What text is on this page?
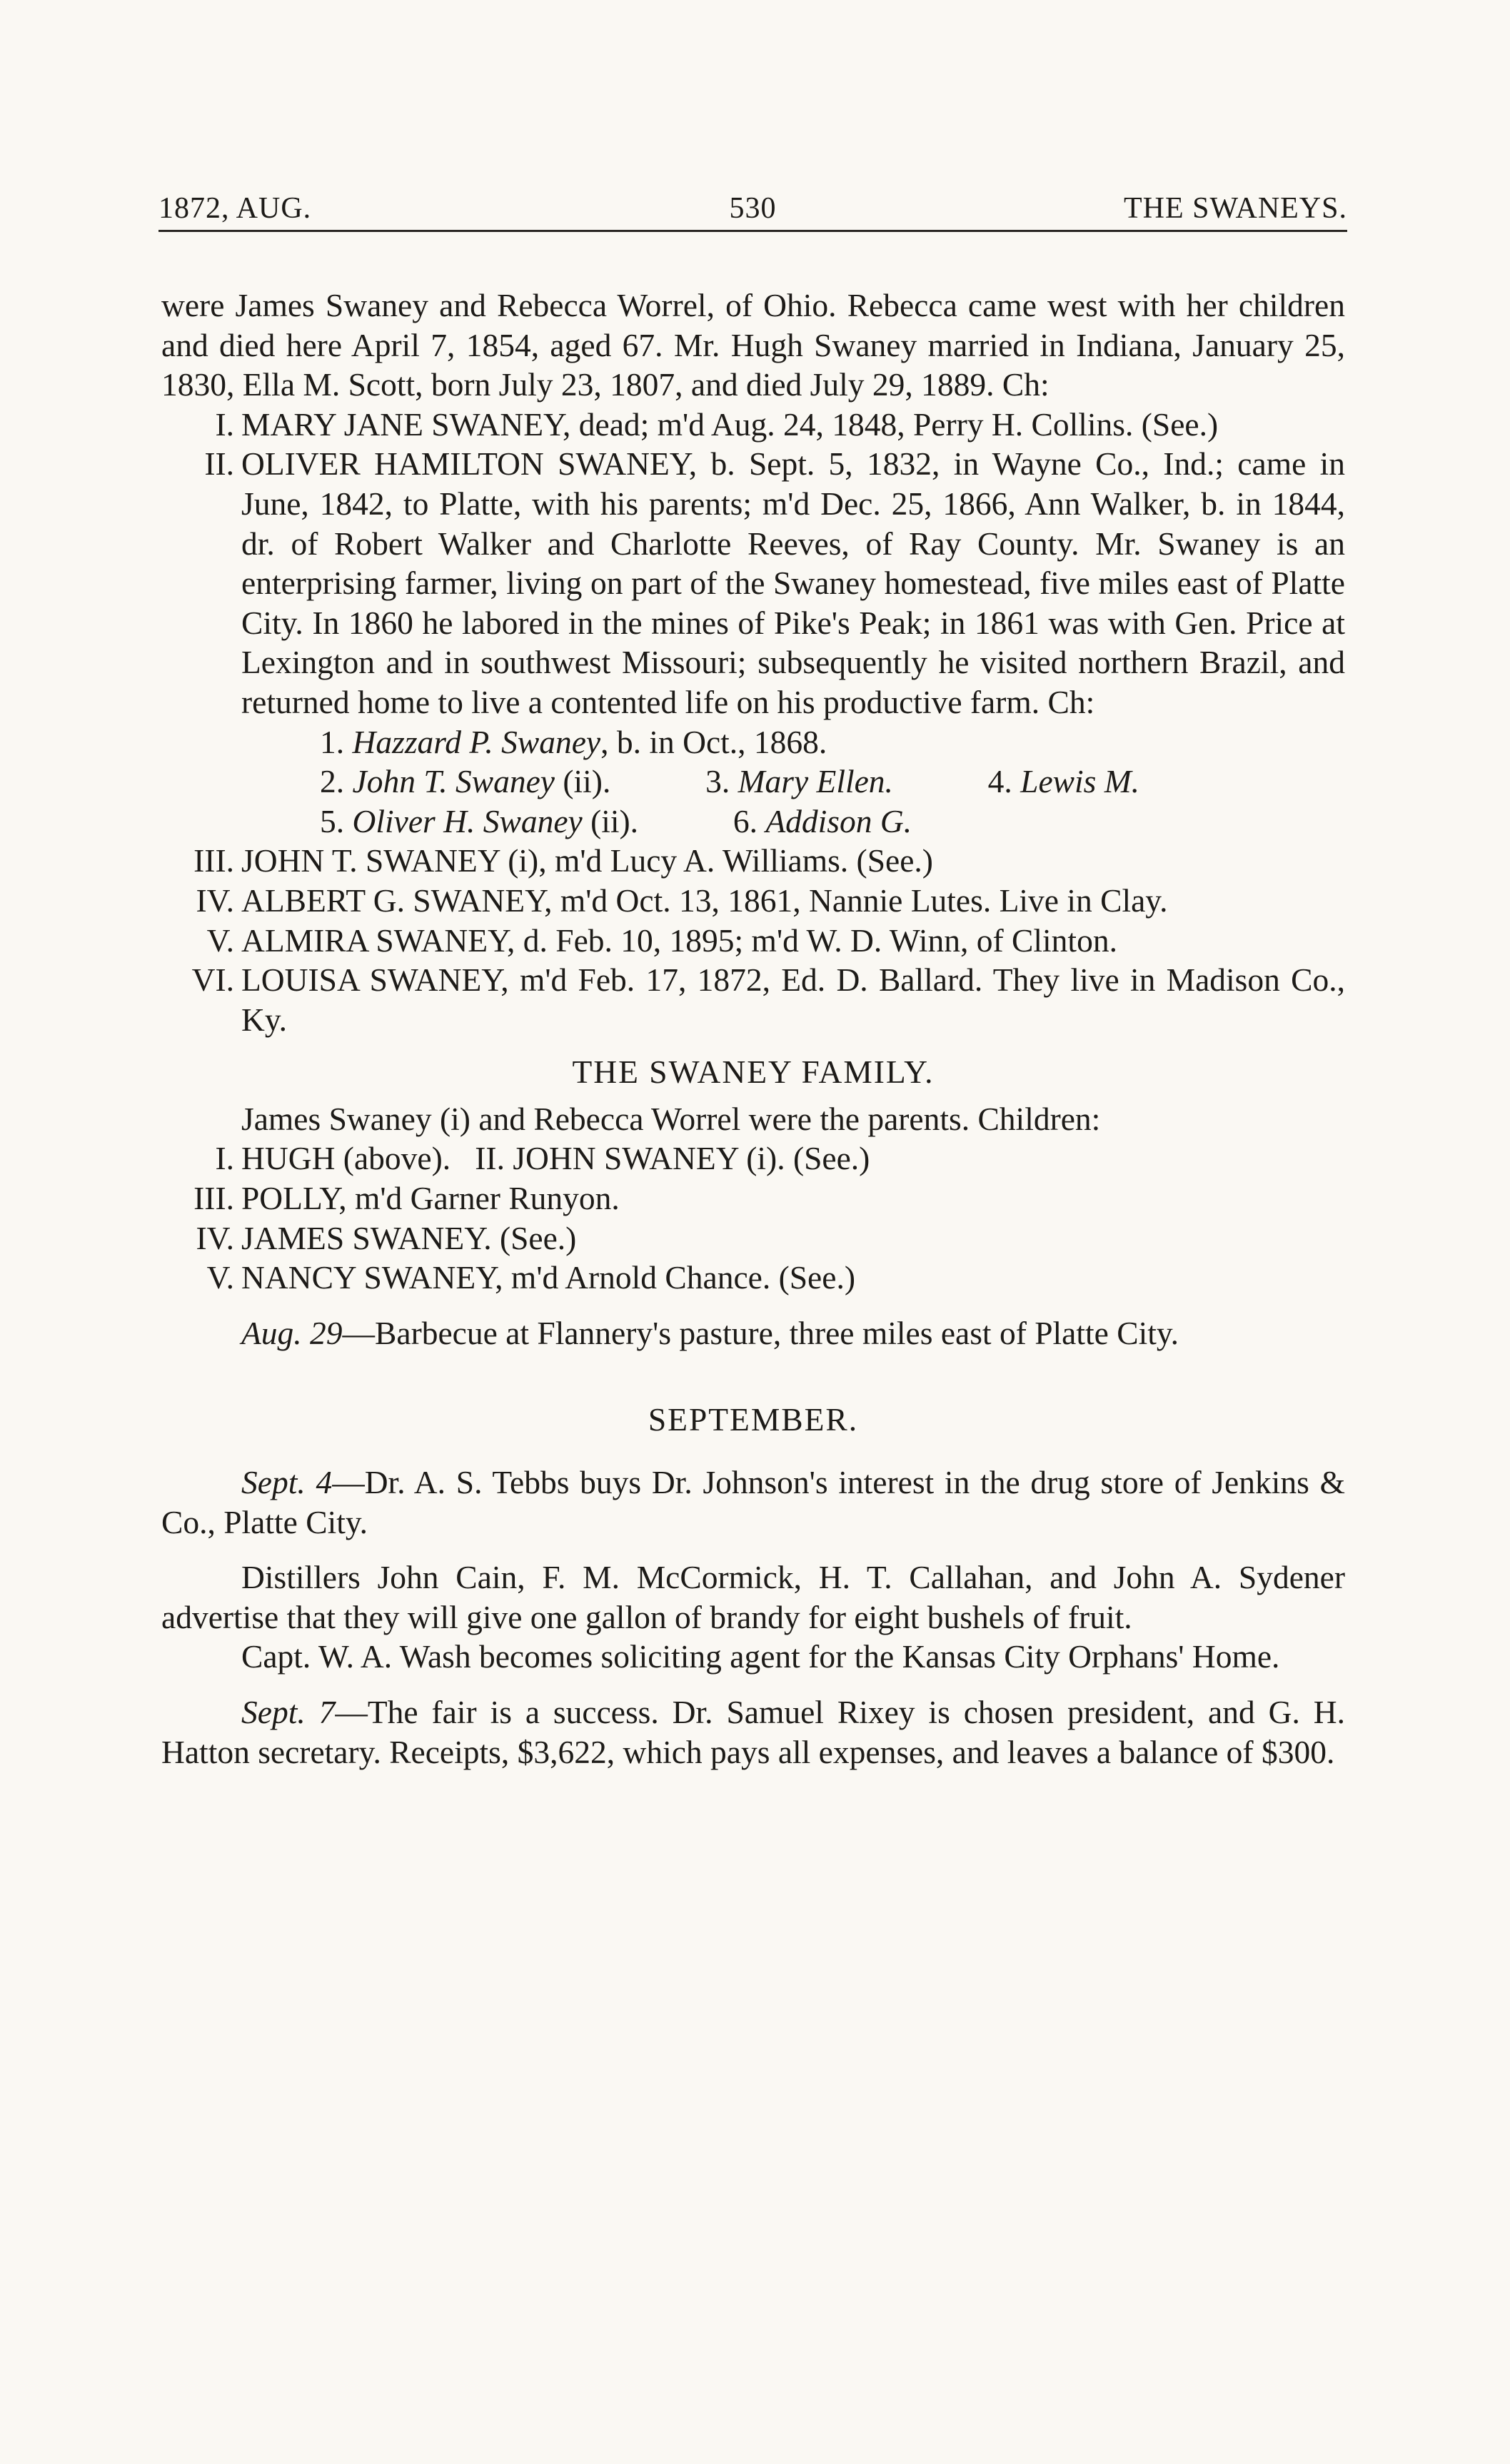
1872, AUG.	530	THE SWANEYS.

were James Swaney and Rebecca Worrel, of Ohio. Rebecca came west with her children and died here April 7, 1854, aged 67. Mr. Hugh Swaney married in Indiana, January 25, 1830, Ella M. Scott, born July 23, 1807, and died July 29, 1889. Ch:

I. MARY JANE SWANEY, dead; m'd Aug. 24, 1848, Perry H. Collins. (See.)
II. OLIVER HAMILTON SWANEY, b. Sept. 5, 1832, in Wayne Co., Ind.; came in June, 1842, to Platte, with his parents; m'd Dec. 25, 1866, Ann Walker, b. in 1844, dr. of Robert Walker and Charlotte Reeves, of Ray County. Mr. Swaney is an enterprising farmer, living on part of the Swaney homestead, five miles east of Platte City. In 1860 he labored in the mines of Pike's Peak; in 1861 was with Gen. Price at Lexington and in southwest Missouri; subsequently he visited northern Brazil, and returned home to live a contented life on his productive farm. Ch:
1. Hazzard P. Swaney, b. in Oct., 1868.
2. John T. Swaney (ii).	3. Mary Ellen.	4. Lewis M.
5. Oliver H. Swaney (ii).	6. Addison G.
III. JOHN T. SWANEY (i), m'd Lucy A. Williams. (See.)
IV. ALBERT G. SWANEY, m'd Oct. 13, 1861, Nannie Lutes. Live in Clay.
V. ALMIRA SWANEY, d. Feb. 10, 1895; m'd W. D. Winn, of Clinton.
VI. LOUISA SWANEY, m'd Feb. 17, 1872, Ed. D. Ballard. They live in Madison Co., Ky.
THE SWANEY FAMILY.

James Swaney (i) and Rebecca Worrel were the parents. Children:

I. HUGH (above). II. JOHN SWANEY (i). (See.)
III. POLLY, m'd Garner Runyon.
IV. JAMES SWANEY. (See.)
V. NANCY SWANEY, m'd Arnold Chance. (See.)

Aug. 29—Barbecue at Flannery's pasture, three miles east of Platte City.

SEPTEMBER.

Sept. 4—Dr. A. S. Tebbs buys Dr. Johnson's interest in the drug store of Jenkins & Co., Platte City.

Distillers John Cain, F. M. McCormick, H. T. Callahan, and John A. Sydener advertise that they will give one gallon of brandy for eight bushels of fruit.

Capt. W. A. Wash becomes soliciting agent for the Kansas City Orphans' Home.

Sept. 7—The fair is a success. Dr. Samuel Rixey is chosen president, and G. H. Hatton secretary. Receipts, $3,622, which pays all expenses, and leaves a balance of $300.
